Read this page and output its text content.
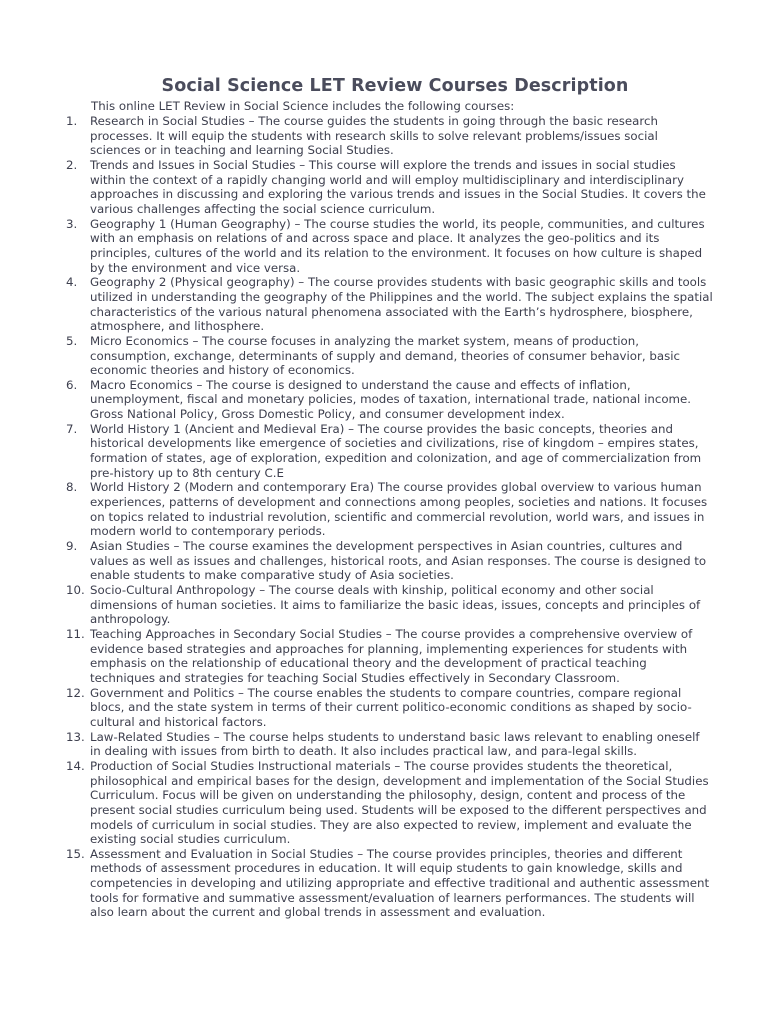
Social Science LET Review Courses Description

This online LET Review in Social Science includes the following courses:

1.	Research in Social Studies – The course guides the students in going through the basic research
processes. It will equip the students with research skills to solve relevant problems/issues social
sciences or in teaching and learning Social Studies.
2.	Trends and Issues in Social Studies – This course will explore the trends and issues in social studies
within the context of a rapidly changing world and will employ multidisciplinary and interdisciplinary
approaches in discussing and exploring the various trends and issues in the Social Studies. It covers the
various challenges affecting the social science curriculum.
3.	Geography 1 (Human Geography) – The course studies the world, its people, communities, and cultures
with an emphasis on relations of and across space and place. It analyzes the geo-politics and its
principles, cultures of the world and its relation to the environment. It focuses on how culture is shaped
by the environment and vice versa.
4.	Geography 2 (Physical geography) – The course provides students with basic geographic skills and tools
utilized in understanding the geography of the Philippines and the world. The subject explains the spatial
characteristics of the various natural phenomena associated with the Earth’s hydrosphere, biosphere,
atmosphere, and lithosphere.
5.	Micro Economics – The course focuses in analyzing the market system, means of production,
consumption, exchange, determinants of supply and demand, theories of consumer behavior, basic
economic theories and history of economics.
6.	Macro Economics – The course is designed to understand the cause and effects of inflation,
unemployment, fiscal and monetary policies, modes of taxation, international trade, national income.
Gross National Policy, Gross Domestic Policy, and consumer development index.
7.	World History 1 (Ancient and Medieval Era) – The course provides the basic concepts, theories and
historical developments like emergence of societies and civilizations, rise of kingdom – empires states,
formation of states, age of exploration, expedition and colonization, and age of commercialization from
pre-history up to 8th century C.E
8.	World History 2 (Modern and contemporary Era) The course provides global overview to various human
experiences, patterns of development and connections among peoples, societies and nations. It focuses
on topics related to industrial revolution, scientific and commercial revolution, world wars, and issues in
modern world to contemporary periods.
9.	Asian Studies – The course examines the development perspectives in Asian countries, cultures and
values as well as issues and challenges, historical roots, and Asian responses. The course is designed to
enable students to make comparative study of Asia societies.
10. Socio-Cultural Anthropology – The course deals with kinship, political economy and other social
dimensions of human societies. It aims to familiarize the basic ideas, issues, concepts and principles of
anthropology.
11. Teaching Approaches in Secondary Social Studies – The course provides a comprehensive overview of
evidence based strategies and approaches for planning, implementing experiences for students with
emphasis on the relationship of educational theory and the development of practical teaching
techniques and strategies for teaching Social Studies effectively in Secondary Classroom.
12. Government and Politics – The course enables the students to compare countries, compare regional
blocs, and the state system in terms of their current politico-economic conditions as shaped by socio-
cultural and historical factors.
13. Law-Related Studies – The course helps students to understand basic laws relevant to enabling oneself
in dealing with issues from birth to death. It also includes practical law, and para-legal skills.
14. Production of Social Studies Instructional materials – The course provides students the theoretical,
philosophical and empirical bases for the design, development and implementation of the Social Studies
Curriculum. Focus will be given on understanding the philosophy, design, content and process of the
present social studies curriculum being used. Students will be exposed to the different perspectives and
models of curriculum in social studies. They are also expected to review, implement and evaluate the
existing social studies curriculum.
15. Assessment and Evaluation in Social Studies – The course provides principles, theories and different
methods of assessment procedures in education. It will equip students to gain knowledge, skills and
competencies in developing and utilizing appropriate and effective traditional and authentic assessment
tools for formative and summative assessment/evaluation of learners performances. The students will
also learn about the current and global trends in assessment and evaluation.
